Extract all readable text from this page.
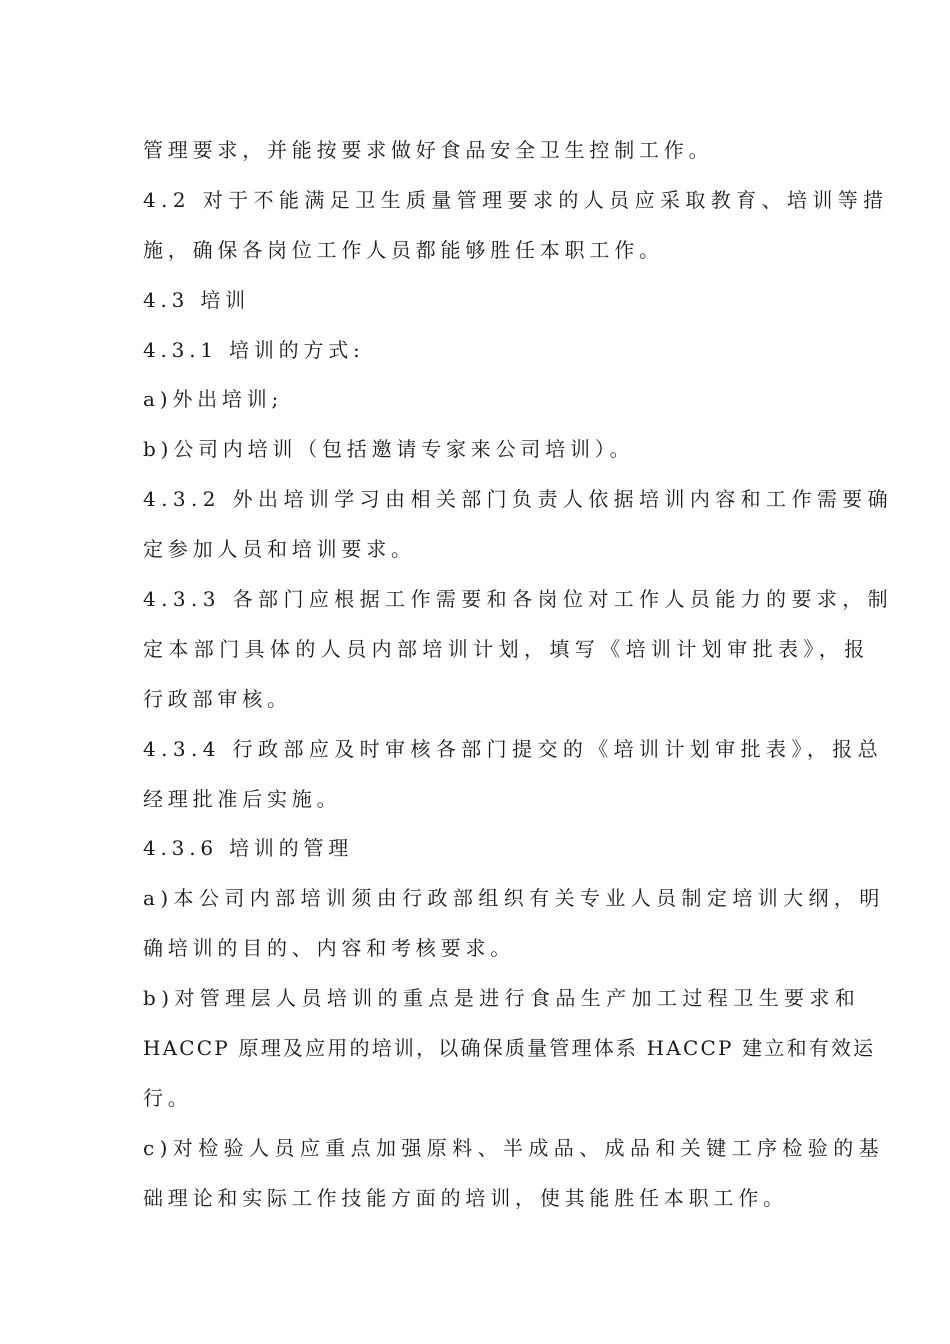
管理要求，并能按要求做好食品安全卫生控制工作。
4.2 对于不能满足卫生质量管理要求的人员应采取教育、培训等措
施，确保各岗位工作人员都能够胜任本职工作。
4.3 培训
4.3.1 培训的方式:
a)外出培训;
b)公司内培训（包括邀请专家来公司培训）。
4.3.2 外出培训学习由相关部门负责人依据培训内容和工作需要确
定参加人员和培训要求。
4.3.3 各部门应根据工作需要和各岗位对工作人员能力的要求，制
定本部门具体的人员内部培训计划，填写《培训计划审批表》，报
行政部审核。
4.3.4 行政部应及时审核各部门提交的《培训计划审批表》，报总
经理批准后实施。
4.3.6 培训的管理
a)本公司内部培训须由行政部组织有关专业人员制定培训大纲，明
确培训的目的、内容和考核要求。
b)对管理层人员培训的重点是进行食品生产加工过程卫生要求和
HACCP 原理及应用的培训，以确保质量管理体系 HACCP 建立和有效运
行。
c)对检验人员应重点加强原料、半成品、成品和关键工序检验的基
础理论和实际工作技能方面的培训，使其能胜任本职工作。
